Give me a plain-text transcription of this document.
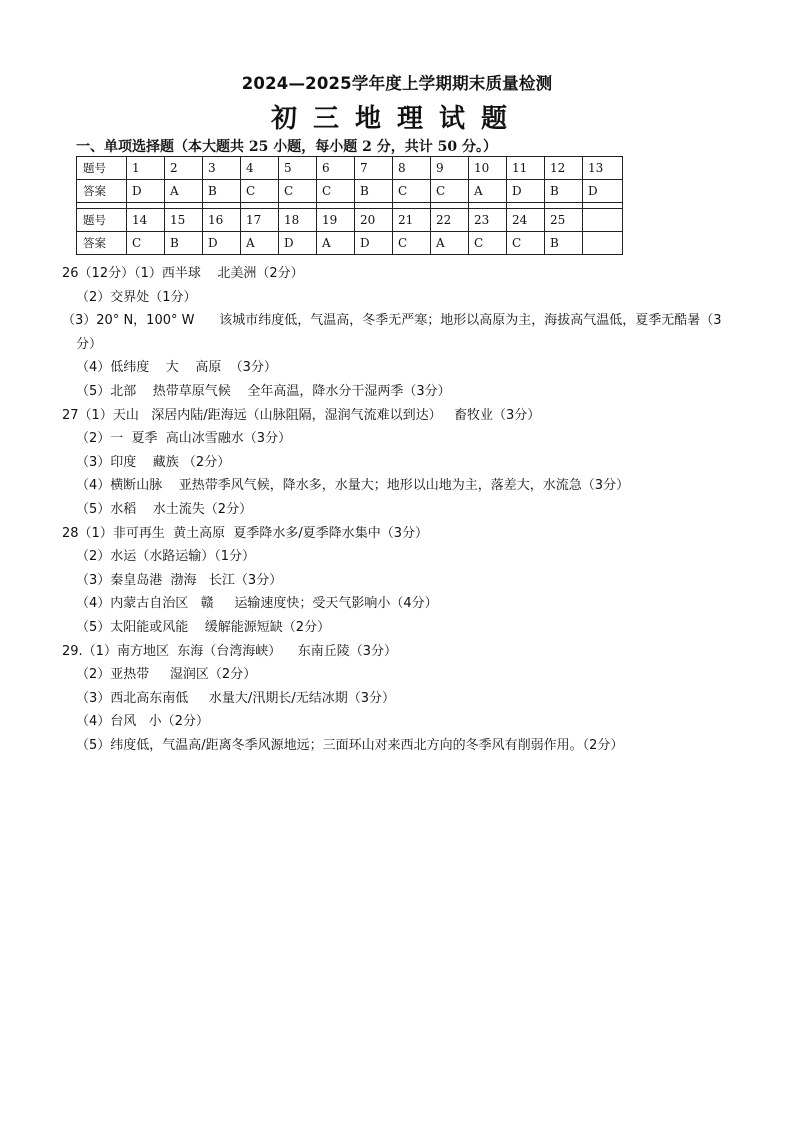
2024—2025学年度上学期期末质量检测
初三地理试题
一、单项选择题（本大题共 25 小题，每小题 2 分，共计 50 分。）
题号	1	2	3	4	5	6	7	8	9	10	11	12	13
答案	D	A	B	C	C	C	B	C	C	A	D	B	D

题号	14	15	16	17	18	19	20	21	22	23	24	25	
答案	C	B	D	A	D	A	D	C	A	C	C	B	
26（12分）（1）西半球    北美洲（2分）
（2）交界处（1分）
（3）20° N，100° W      该城市纬度低，气温高，冬季无严寒；地形以高原为主，海拔高气温低，夏季无酷暑（3分）
（4）低纬度    大    高原  （3分）
（5）北部    热带草原气候    全年高温，降水分干湿两季（3分）
27（1）天山   深居内陆/距海远（山脉阻隔，湿润气流难以到达）   畜牧业（3分）
（2）一  夏季  高山冰雪融水（3分）
（3）印度    藏族 （2分）
（4）横断山脉    亚热带季风气候，降水多，水量大；地形以山地为主，落差大，水流急（3分）
（5）水稻    水土流失（2分）
28（1）非可再生  黄土高原  夏季降水多/夏季降水集中（3分）
（2）水运（水路运输）（1分）
（3）秦皇岛港  渤海   长江（3分）
（4）内蒙古自治区   赣     运输速度快；受天气影响小（4分）
（5）太阳能或风能    缓解能源短缺（2分）
29.（1）南方地区  东海（台湾海峡）    东南丘陵（3分）
（2）亚热带     湿润区（2分）
（3）西北高东南低     水量大/汛期长/无结冰期（3分）
（4）台风   小（2分）
（5）纬度低，气温高/距离冬季风源地远；三面环山对来西北方向的冬季风有削弱作用。（2分）
